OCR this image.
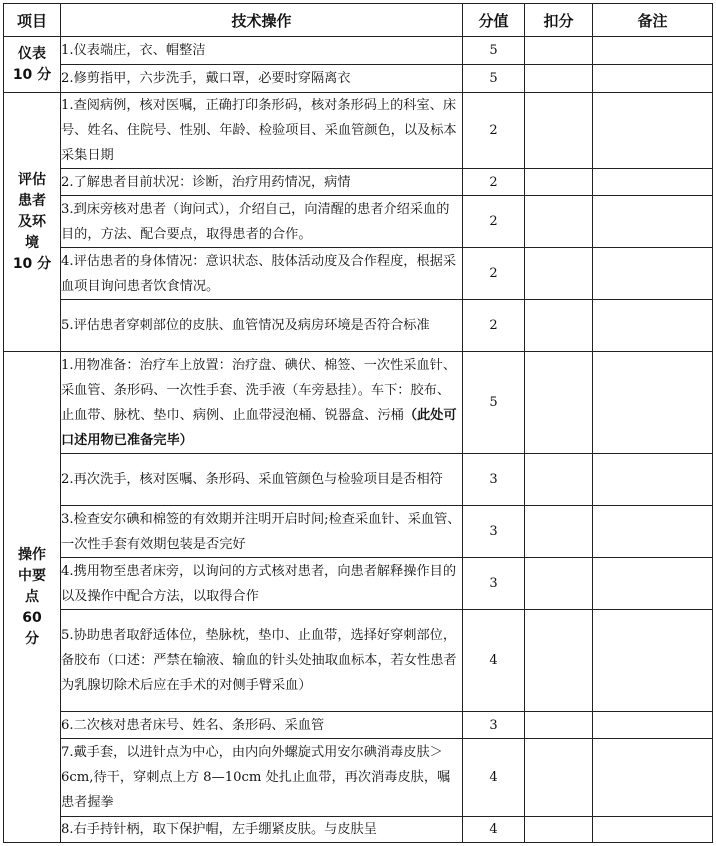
项目	技术操作	分值	扣分	备注

仪表
10 分	1.仪表端庄，衣、帽整洁	5		
	2.修剪指甲，六步洗手，戴口罩，必要时穿隔离衣	5		

评估
患者
及环
境
10 分	1.查阅病例，核对医嘱，正确打印条形码，核对条形码上的科室、床号、姓名、住院号、性别、年龄、检验项目、采血管颜色，以及标本采集日期	2		
	2.了解患者目前状况：诊断，治疗用药情况，病情	2		
	3.到床旁核对患者（询问式），介绍自己，向清醒的患者介绍采血的目的，方法、配合要点，取得患者的合作。	2		
	4.评估患者的身体情况：意识状态、肢体活动度及合作程度，根据采血项目询问患者饮食情况。	2		
	5.评估患者穿刺部位的皮肤、血管情况及病房环境是否符合标准	2		

操作
中要
点
60
分	1.用物准备：治疗车上放置：治疗盘、碘伏、棉签、一次性采血针、采血管、条形码、一次性手套、洗手液（车旁悬挂）。车下：胶布、止血带、脉枕、垫巾、病例、止血带浸泡桶、锐器盒、污桶（此处可口述用物已准备完毕）	5		
	2.再次洗手，核对医嘱、条形码、采血管颜色与检验项目是否相符	3		
	3.检查安尔碘和棉签的有效期并注明开启时间;检查采血针、采血管、一次性手套有效期包装是否完好	3		
	4.携用物至患者床旁，以询问的方式核对患者，向患者解释操作目的以及操作中配合方法，以取得合作	3		
	5.协助患者取舒适体位，垫脉枕，垫巾、止血带，选择好穿刺部位，备胶布（口述：严禁在输液、输血的针头处抽取血标本，若女性患者为乳腺切除术后应在手术的对侧手臂采血）	4		
	6.二次核对患者床号、姓名、条形码、采血管	3		
	7.戴手套，以进针点为中心，由内向外螺旋式用安尔碘消毒皮肤＞6cm,待干，穿刺点上方 8—10cm 处扎止血带，再次消毒皮肤，嘱患者握拳	4		
	8.右手持针柄，取下保护帽，左手绷紧皮肤。与皮肤呈	4		
